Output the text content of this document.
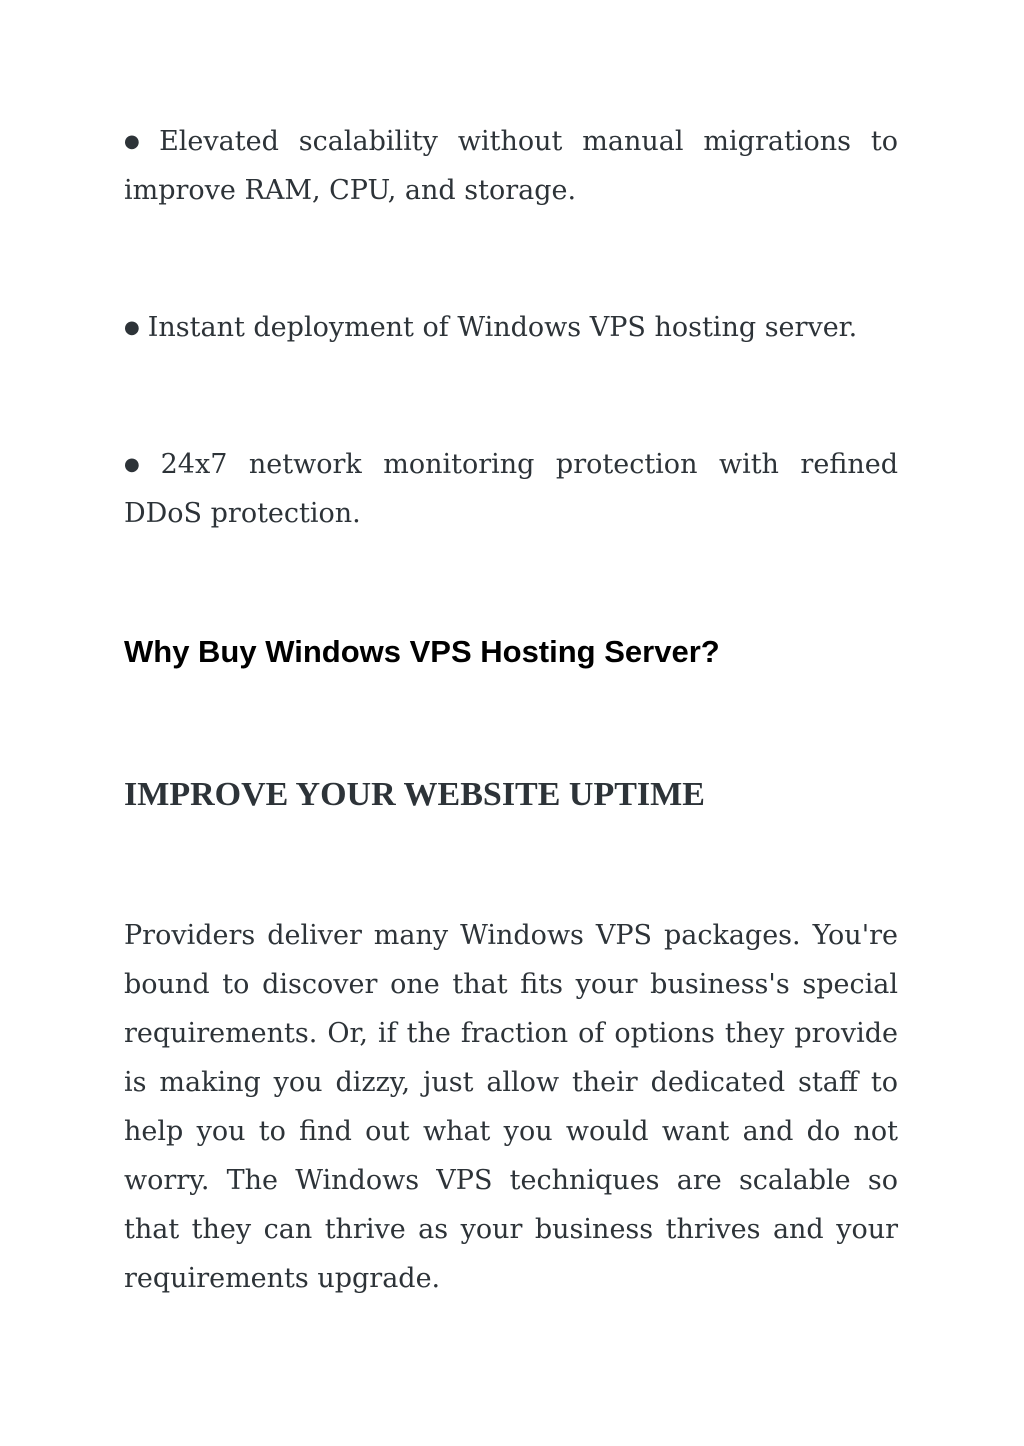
● Elevated scalability without manual migrations to improve RAM, CPU, and storage.

● Instant deployment of Windows VPS hosting server.

● 24x7 network monitoring protection with refined DDoS protection.

Why Buy Windows VPS Hosting Server?
IMPROVE YOUR WEBSITE UPTIME

Providers deliver many Windows VPS packages. You're bound to discover one that fits your business's special requirements. Or, if the fraction of options they provide is making you dizzy, just allow their dedicated staff to help you to find out what you would want and do not worry. The Windows VPS techniques are scalable so that they can thrive as your business thrives and your requirements upgrade.
